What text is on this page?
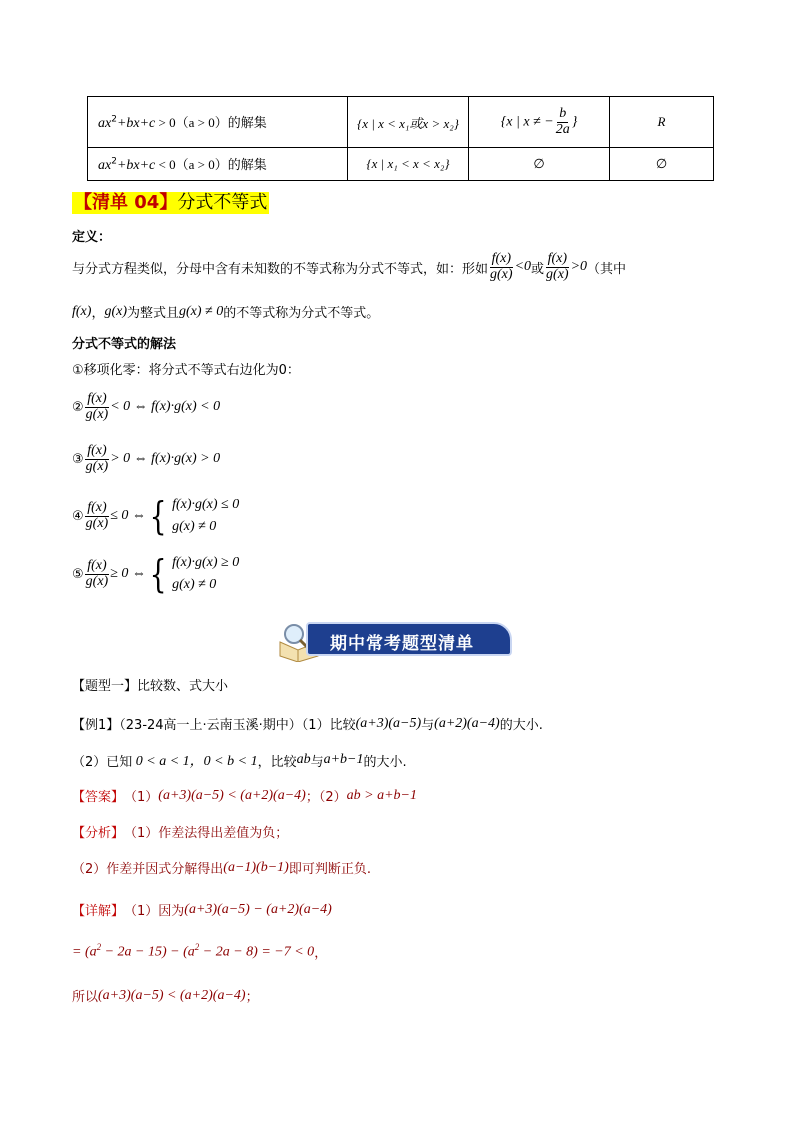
$ax^2+bx+c > 0(a > 0)$的解集	{x | x < x₁或x > x₂}	{x | x ≠ − $\frac{b}{2a}$ }	R
$ax^2+bx+c < 0(a > 0)$的解集	{x | x₁ < x < x₂}	∅	∅
【清单 04】分式不等式
定义：
与分式方程类似，分母中含有未知数的不等式称为分式不等式，如：形如 $\frac{f(x)}{g(x)} <0$ 或 $\frac{f(x)}{g(x)} >0$ （其中
f(x) ， g(x) 为整式且 g(x) ≠ 0 的不等式称为分式不等式。
分式不等式的解法
①移项化零：将分式不等式右边化为0：
② $\frac{f(x)}{g(x)} < 0$ ⇔ f(x)·g(x) < 0
③ $\frac{f(x)}{g(x)} > 0$ ⇔ f(x)·g(x) > 0
④ $\frac{f(x)}{g(x)} \le 0$ ⇔ { f(x)·g(x) ≤ 0
g(x) ≠ 0
⑤ $\frac{f(x)}{g(x)} \ge 0$ ⇔ { f(x)·g(x) ≥ 0
g(x) ≠ 0
期中常考题型清单
【题型一】比较数、式大小
【例1】（23-24高一上·云南玉溪·期中）（1）比较 (a+3)(a−5) 与 (a+2)(a−4) 的大小.
（2）已知 0 < a < 1，0 < b < 1 ，比较 ab 与 a+b−1 的大小.
【答案】 （1） (a+3)(a−5) < (a+2)(a−4) ；（2） ab > a+b−1
【分析】 （1）作差法得出差值为负；
（2）作差并因式分解得出 (a−1)(b−1) 即可判断正负.
【详解】 （1）因为 (a+3)(a−5) − (a+2)(a−4)
= $(a^2 - 2a - 15) - (a^2 - 2a - 8) = -7 < 0$ ，
所以 (a+3)(a−5) < (a+2)(a−4) ；
